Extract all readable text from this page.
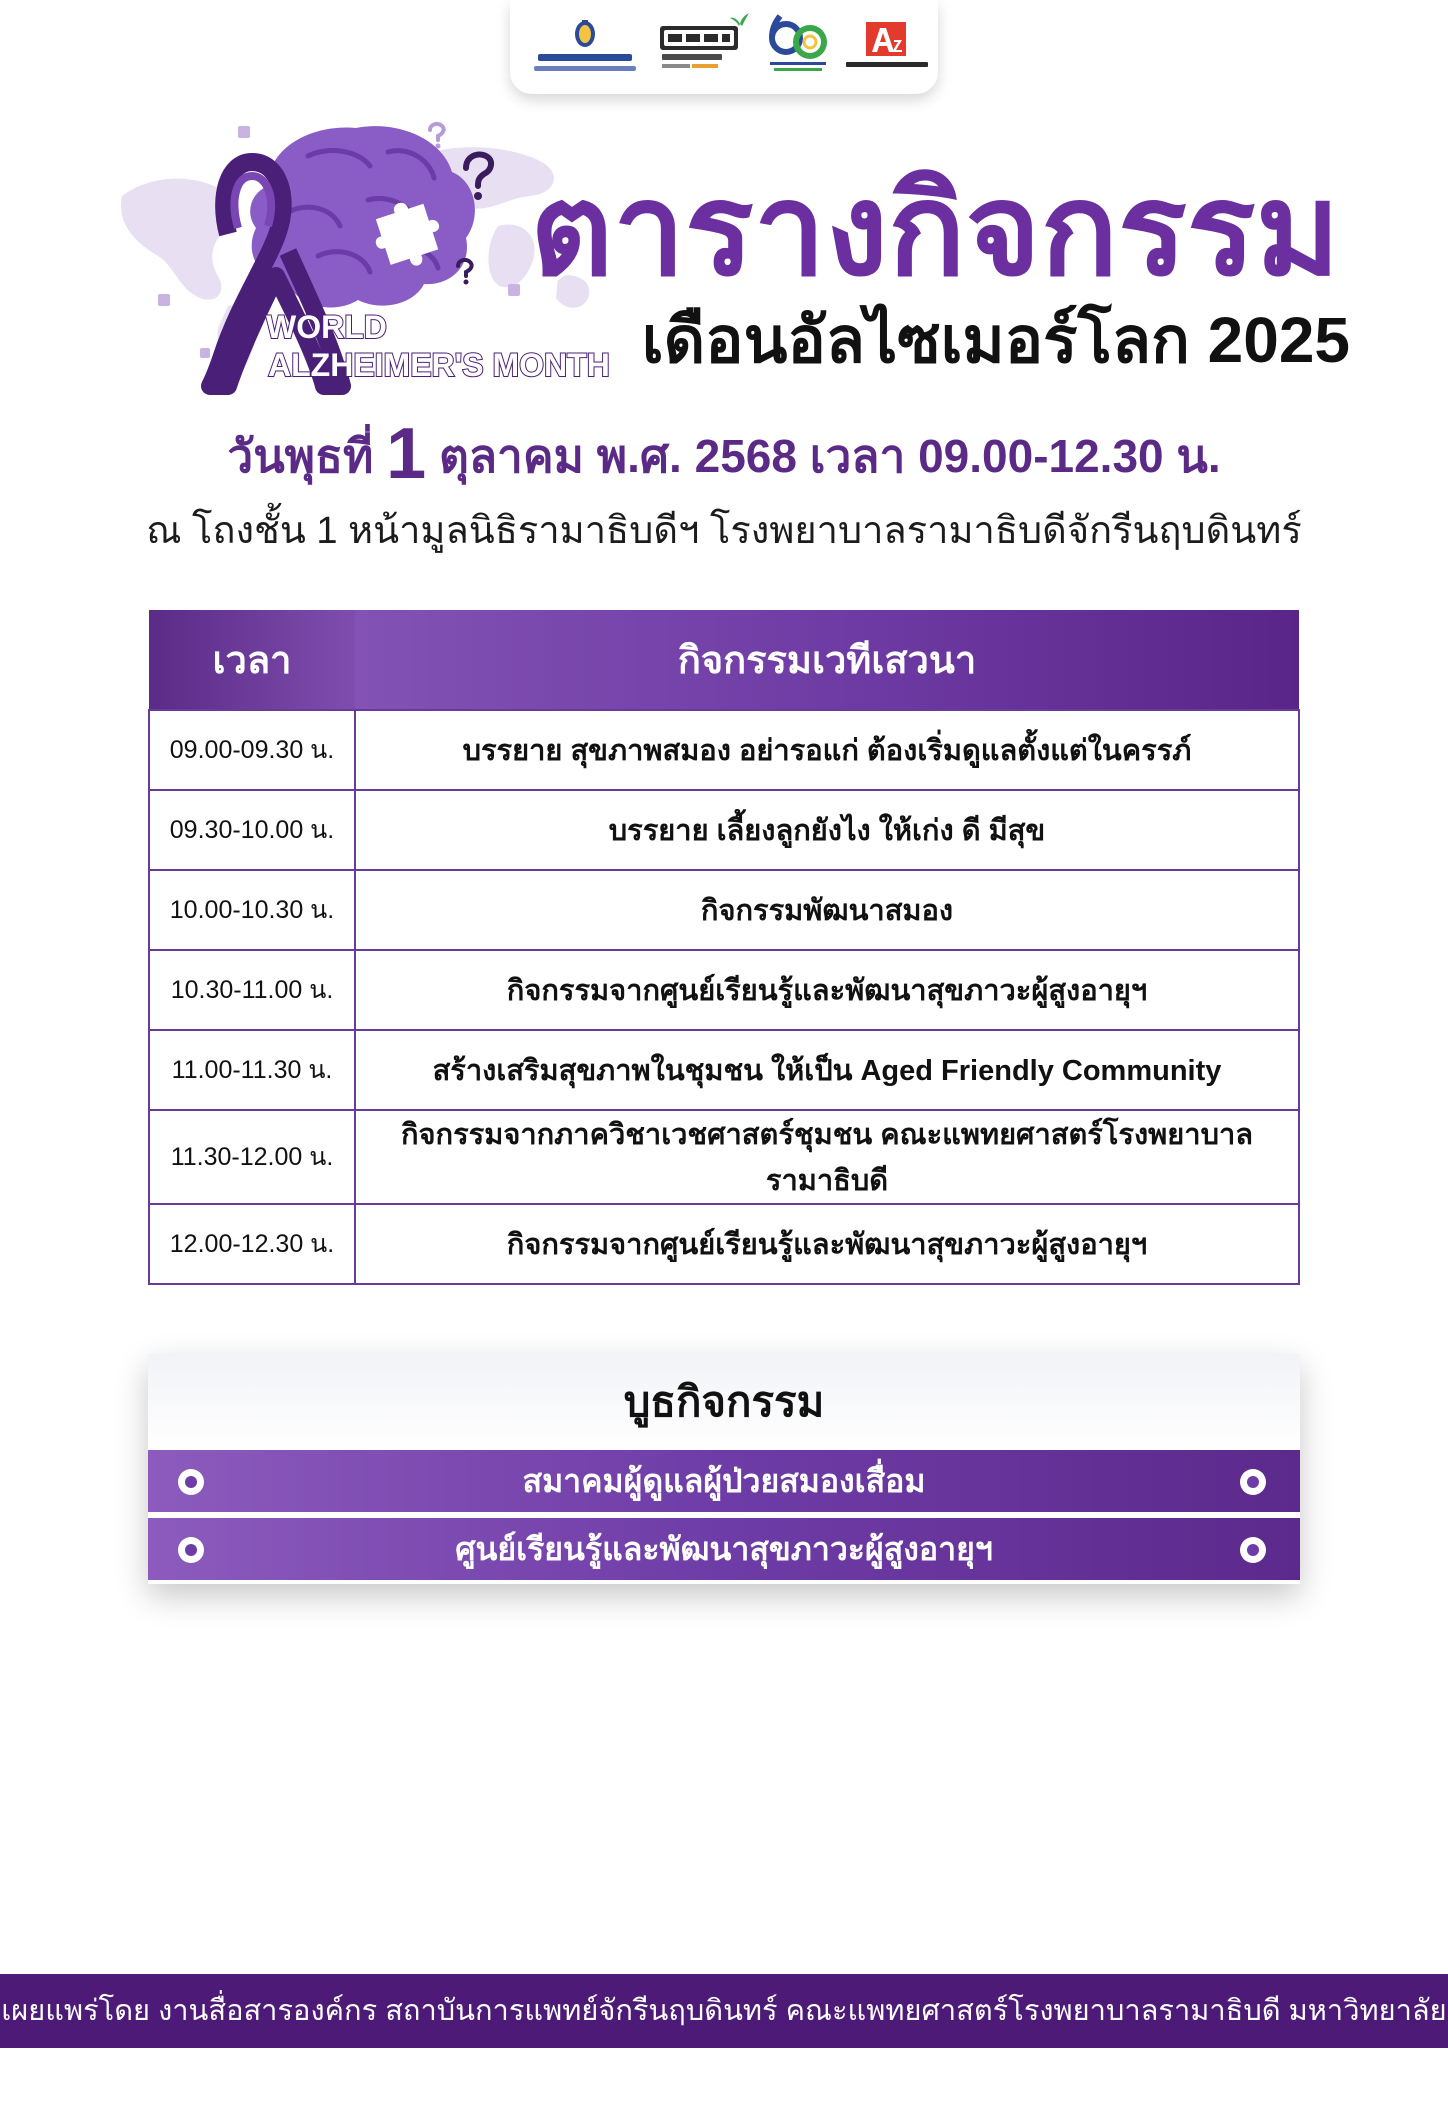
WORLD
ALZHEIMER'S MONTH
ตารางกิจกรรม
เดือนอัลไซเมอร์โลก 2025
วันพุธที่ 1 ตุลาคม พ.ศ. 2568 เวลา 09.00-12.30 น.
ณ โถงชั้น 1 หน้ามูลนิธิรามาธิบดีฯ โรงพยาบาลรามาธิบดีจักรีนฤบดินทร์
เวลา	กิจกรรมเวทีเสวนา
09.00-09.30 น.	บรรยาย สุขภาพสมอง อย่ารอแก่ ต้องเริ่มดูแลตั้งแต่ในครรภ์
09.30-10.00 น.	บรรยาย เลี้ยงลูกยังไง ให้เก่ง ดี มีสุข
10.00-10.30 น.	กิจกรรมพัฒนาสมอง
10.30-11.00 น.	กิจกรรมจากศูนย์เรียนรู้และพัฒนาสุขภาวะผู้สูงอายุฯ
11.00-11.30 น.	สร้างเสริมสุขภาพในชุมชน ให้เป็น Aged Friendly Community
11.30-12.00 น.	กิจกรรมจากภาควิชาเวชศาสตร์ชุมชน คณะแพทยศาสตร์โรงพยาบาลรามาธิบดี
12.00-12.30 น.	กิจกรรมจากศูนย์เรียนรู้และพัฒนาสุขภาวะผู้สูงอายุฯ
บูธกิจกรรม
สมาคมผู้ดูแลผู้ป่วยสมองเสื่อม
ศูนย์เรียนรู้และพัฒนาสุขภาวะผู้สูงอายุฯ
เผยแพร่โดย งานสื่อสารองค์กร สถาบันการแพทย์จักรีนฤบดินทร์ คณะแพทยศาสตร์โรงพยาบาลรามาธิบดี มหาวิทยาลัยมหิดล
